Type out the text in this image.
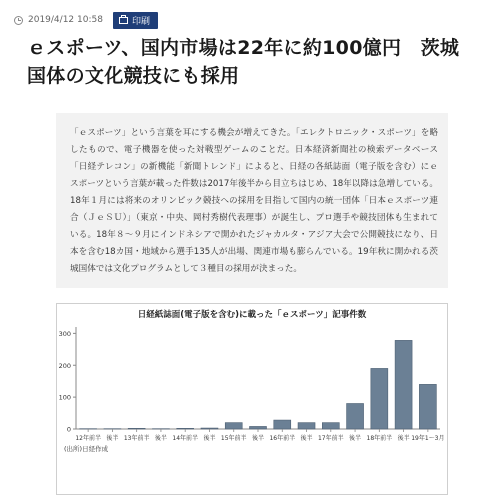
2019/4/12 10:58	印刷
ｅスポーツ、国内市場は22年に約100億円　茨城国体の文化競技にも採用

「ｅスポーツ」という言葉を耳にする機会が増えてきた。「エレクトロニック・スポーツ」を略したもので、電子機器を使った対戦型ゲームのことだ。日本経済新聞社の検索データベース「日経テレコン」の新機能「新聞トレンド」によると、日経の各紙誌面（電子版を含む）にｅスポーツという言葉が載った件数は2017年後半から目立ちはじめ、18年以降は急増している。18年１月には将来のオリンピック競技への採用を目指して国内の統一団体「日本ｅスポーツ連合（ＪｅＳＵ）」（東京・中央、岡村秀樹代表理事）が誕生し、プロ選手や競技団体も生まれている。18年８〜９月にインドネシアで開かれたジャカルタ・アジア大会で公開競技になり、日本を含む18カ国・地域から選手135人が出場、関連市場も膨らんでいる。19年秋に開かれる茨城国体では文化プログラムとして３種目の採用が決まった。

日経紙誌面(電子版を含む)に載った「ｅスポーツ」記事件数
0
100
200
300
12年前半 後半 13年前半 後半 14年前半 後半 15年前半 後半 16年前半 後半 17年前半 後半 18年前半 後半 19年1〜3月
(出所)日経作成
